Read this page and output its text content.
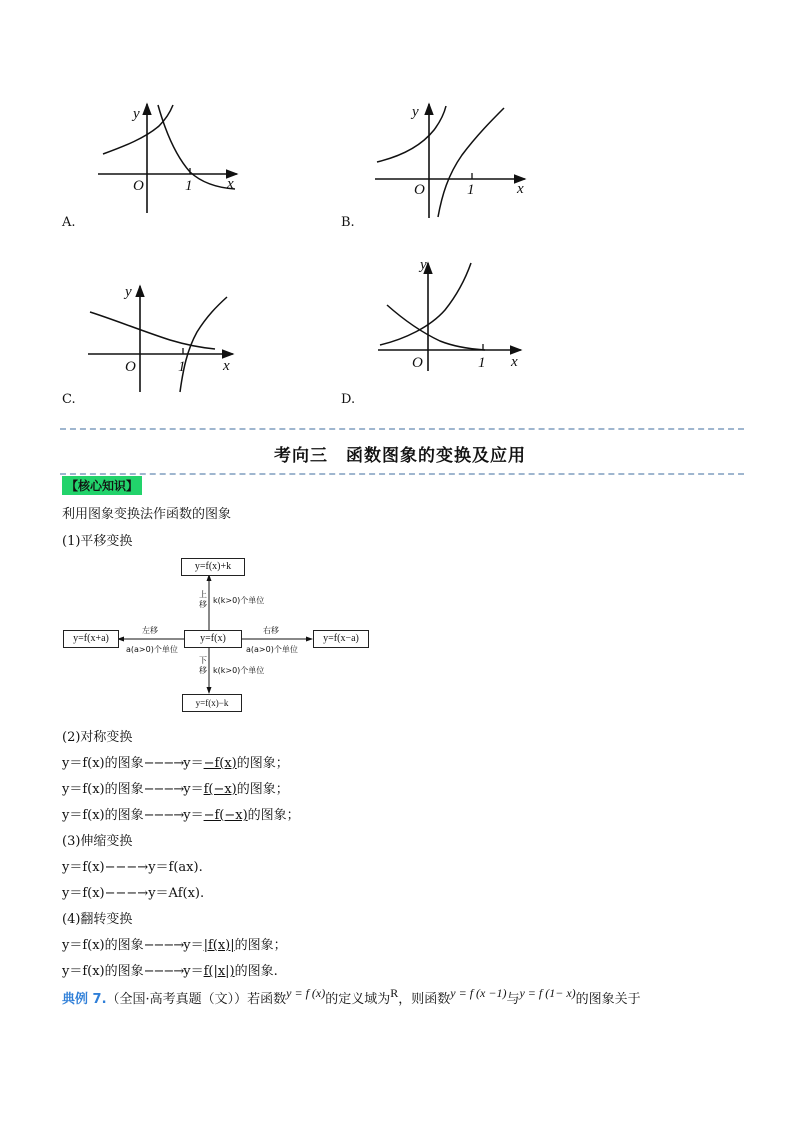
y
x
O	1
A.
y
x
O	1
B.
y
x
O	1
C.
y
x
O	1
D.
考向三　函数图象的变换及应用
【核心知识】
利用图象变换法作函数的图象
(1)平移变换
y=f(x)+k
y=f(x)
y=f(x+a)	y=f(x−a)
y=f(x)−k
上移 k(k>0)个单位
下移 k(k>0)个单位
左移
a(a>0)个单位
右移
a(a>0)个单位
(2)对称变换
y＝f(x)的图象−−−→y＝−f(x)的图象；
y＝f(x)的图象−−−→y＝f(−x)的图象；
y＝f(x)的图象−−−→y＝−f(−x)的图象；
(3)伸缩变换
y＝f(x)−−−→y＝f(ax).
y＝f(x)−−−→y＝Af(x).
(4)翻转变换
y＝f(x)的图象−−−→y＝|f(x)|的图象；
y＝f(x)的图象−−−→y＝f(|x|)的图象.
典例 7.（全国·高考真题（文））若函数y = f (x)的定义域为R，则函数y = f (x −1)与y = f (1− x)的图象关于
